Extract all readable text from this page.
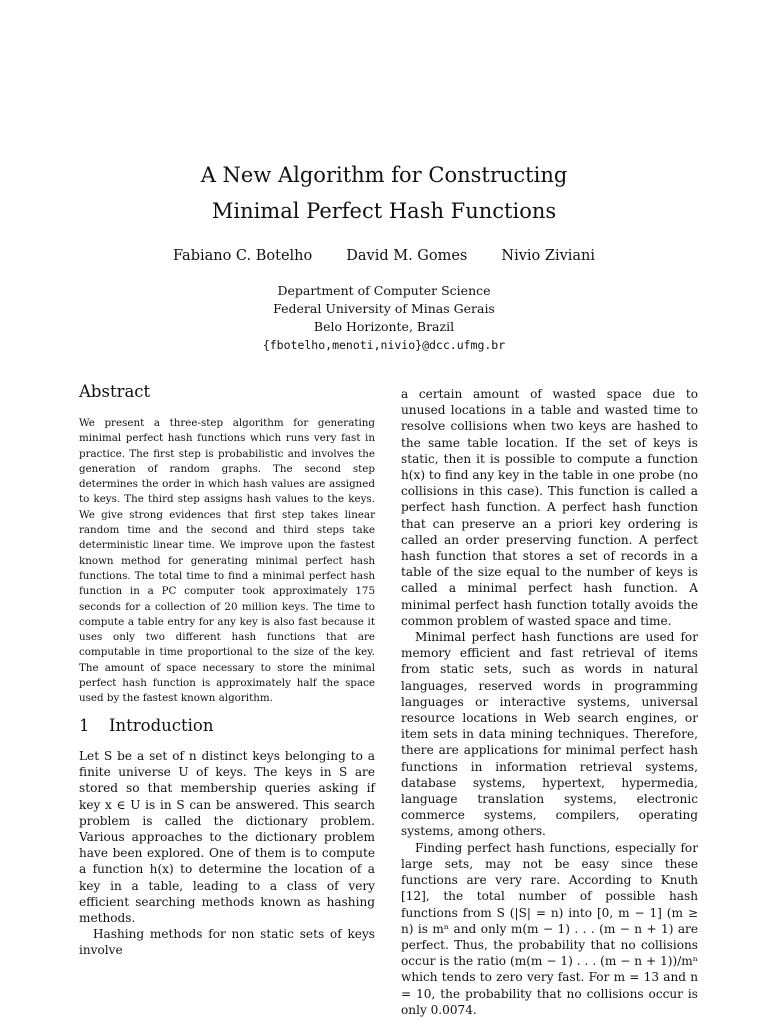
A New Algorithm for Constructing
Minimal Perfect Hash Functions
Fabiano C. Botelho David M. Gomes Nivio Ziviani
Department of Computer Science
Federal University of Minas Gerais
Belo Horizonte, Brazil
{fbotelho,menoti,nivio}@dcc.ufmg.br
Abstract

We present a three-step algorithm for generating minimal perfect hash functions which runs very fast in practice. The first step is probabilistic and involves the generation of random graphs. The second step determines the order in which hash values are assigned to keys. The third step assigns hash values to the keys. We give strong evidences that first step takes linear random time and the second and third steps take deterministic linear time. We improve upon the fastest known method for generating minimal perfect hash functions. The total time to find a minimal perfect hash function in a PC computer took approximately 175 seconds for a collection of 20 million keys. The time to compute a table entry for any key is also fast because it uses only two different hash functions that are computable in time proportional to the size of the key. The amount of space necessary to store the minimal perfect hash function is approximately half the space used by the fastest known algorithm.

1 Introduction

Let S be a set of n distinct keys belonging to a finite universe U of keys. The keys in S are stored so that membership queries asking if key x ∈ U is in S can be answered. This search problem is called the dictionary problem. Various approaches to the dictionary problem have been explored. One of them is to compute a function h(x) to determine the location of a key in a table, leading to a class of very efficient searching methods known as hashing methods.

Hashing methods for non static sets of keys involve

a certain amount of wasted space due to unused locations in a table and wasted time to resolve collisions when two keys are hashed to the same table location. If the set of keys is static, then it is possible to compute a function h(x) to find any key in the table in one probe (no collisions in this case). This function is called a perfect hash function. A perfect hash function that can preserve an a priori key ordering is called an order preserving function. A perfect hash function that stores a set of records in a table of the size equal to the number of keys is called a minimal perfect hash function. A minimal perfect hash function totally avoids the common problem of wasted space and time.

Minimal perfect hash functions are used for memory efficient and fast retrieval of items from static sets, such as words in natural languages, reserved words in programming languages or interactive systems, universal resource locations in Web search engines, or item sets in data mining techniques. Therefore, there are applications for minimal perfect hash functions in information retrieval systems, database systems, hypertext, hypermedia, language translation systems, electronic commerce systems, compilers, operating systems, among others.

Finding perfect hash functions, especially for large sets, may not be easy since these functions are very rare. According to Knuth [12], the total number of possible hash functions from S (|S| = n) into [0, m − 1] (m ≥ n) is mⁿ and only m(m − 1) . . . (m − n + 1) are perfect. Thus, the probability that no collisions occur is the ratio (m(m − 1) . . . (m − n + 1))/mⁿ which tends to zero very fast. For m = 13 and n = 10, the probability that no collisions occur is only 0.0074.
